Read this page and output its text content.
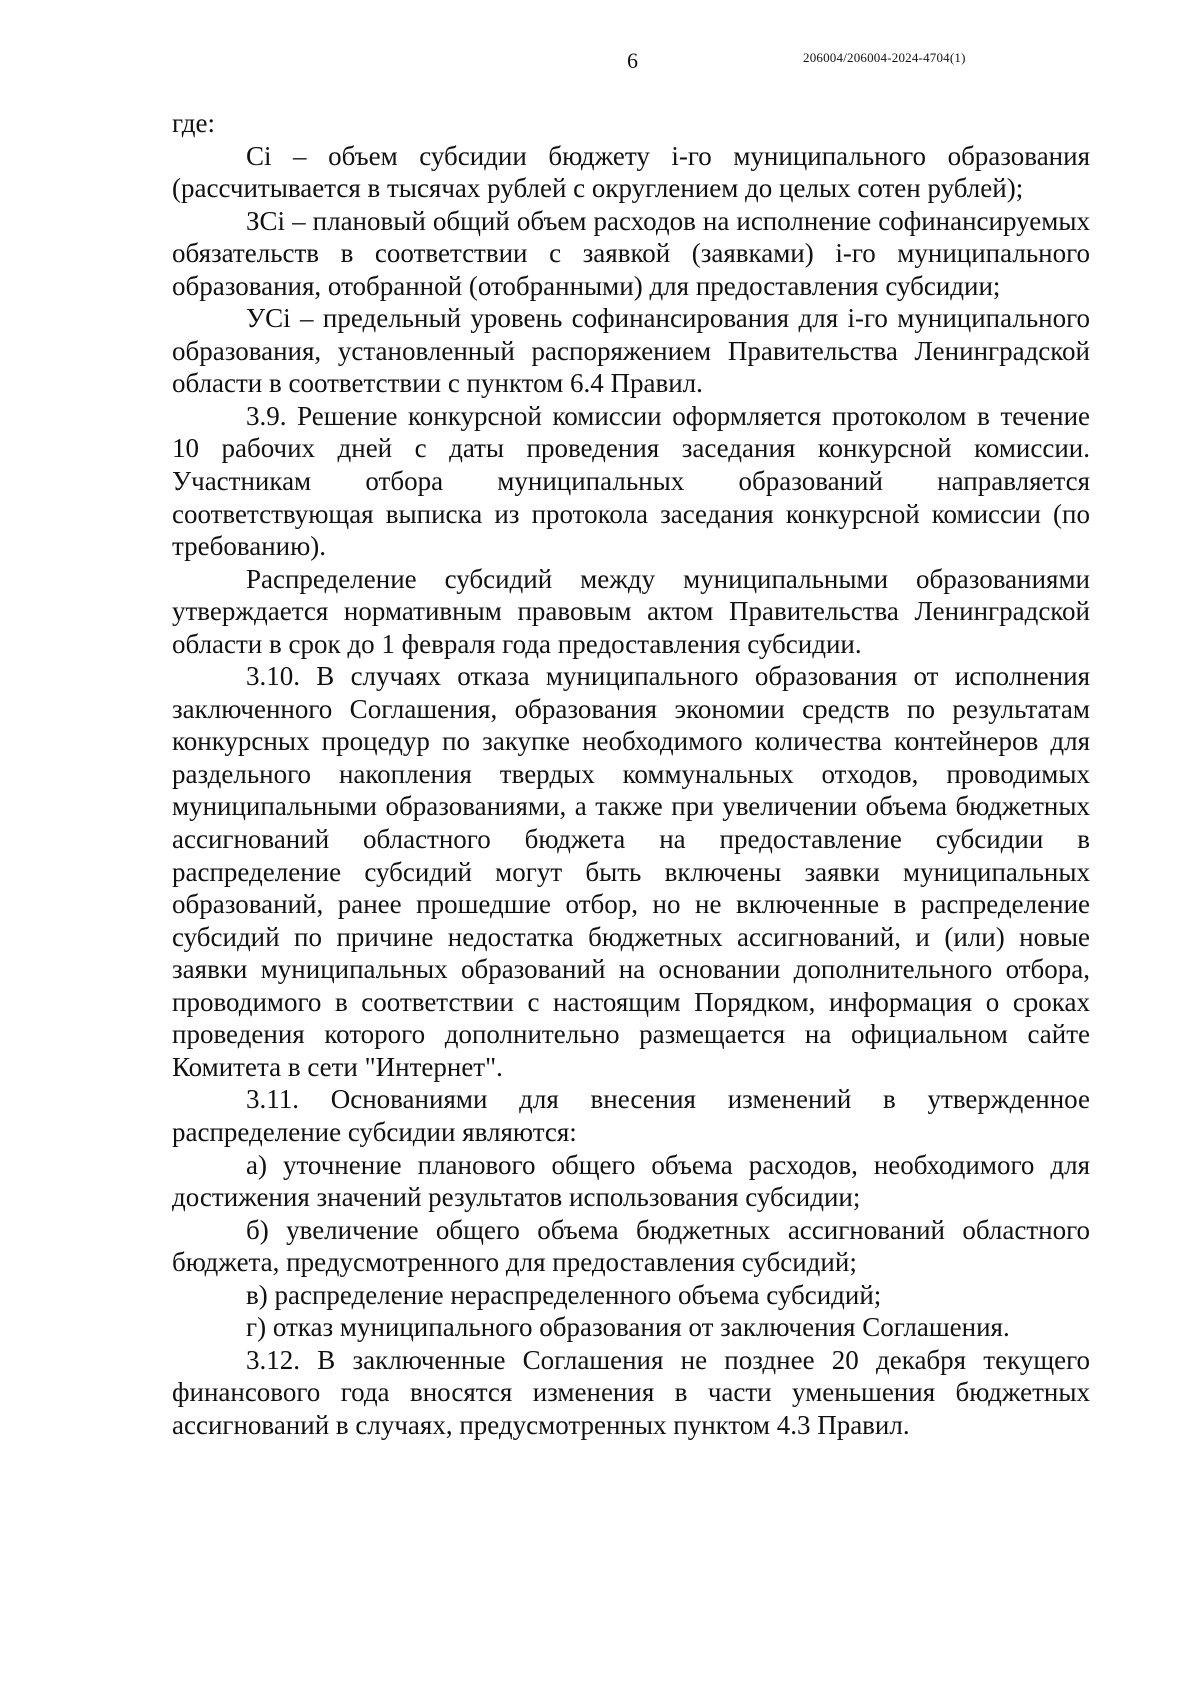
6	206004/206004-2024-4704(1)

где:

Сi – объем субсидии бюджету i-го муниципального образования (рассчитывается в тысячах рублей с округлением до целых сотен рублей);

ЗСi – плановый общий объем расходов на исполнение софинансируемых обязательств в соответствии с заявкой (заявками) i-го муниципального образования, отобранной (отобранными) для предоставления субсидии;

УСi – предельный уровень софинансирования для i-го муниципального образования, установленный распоряжением Правительства Ленинградской области в соответствии с пунктом 6.4 Правил.

3.9. Решение конкурсной комиссии оформляется протоколом в течение 10 рабочих дней с даты проведения заседания конкурсной комиссии. Участникам отбора муниципальных образований направляется соответствующая выписка из протокола заседания конкурсной комиссии (по требованию).

Распределение субсидий между муниципальными образованиями утверждается нормативным правовым актом Правительства Ленинградской области в срок до 1 февраля года предоставления субсидии.

3.10. В случаях отказа муниципального образования от исполнения заключенного Соглашения, образования экономии средств по результатам конкурсных процедур по закупке необходимого количества контейнеров для раздельного накопления твердых коммунальных отходов, проводимых муниципальными образованиями, а также при увеличении объема бюджетных ассигнований областного бюджета на предоставление субсидии в распределение субсидий могут быть включены заявки муниципальных образований, ранее прошедшие отбор, но не включенные в распределение субсидий по причине недостатка бюджетных ассигнований, и (или) новые заявки муниципальных образований на основании дополнительного отбора, проводимого в соответствии с настоящим Порядком, информация о сроках проведения которого дополнительно размещается на официальном сайте Комитета в сети "Интернет".

3.11. Основаниями для внесения изменений в утвержденное распределение субсидии являются:

а) уточнение планового общего объема расходов, необходимого для достижения значений результатов использования субсидии;

б) увеличение общего объема бюджетных ассигнований областного бюджета, предусмотренного для предоставления субсидий;

в) распределение нераспределенного объема субсидий;

г) отказ муниципального образования от заключения Соглашения.

3.12. В заключенные Соглашения не позднее 20 декабря текущего финансового года вносятся изменения в части уменьшения бюджетных ассигнований в случаях, предусмотренных пунктом 4.3 Правил.
